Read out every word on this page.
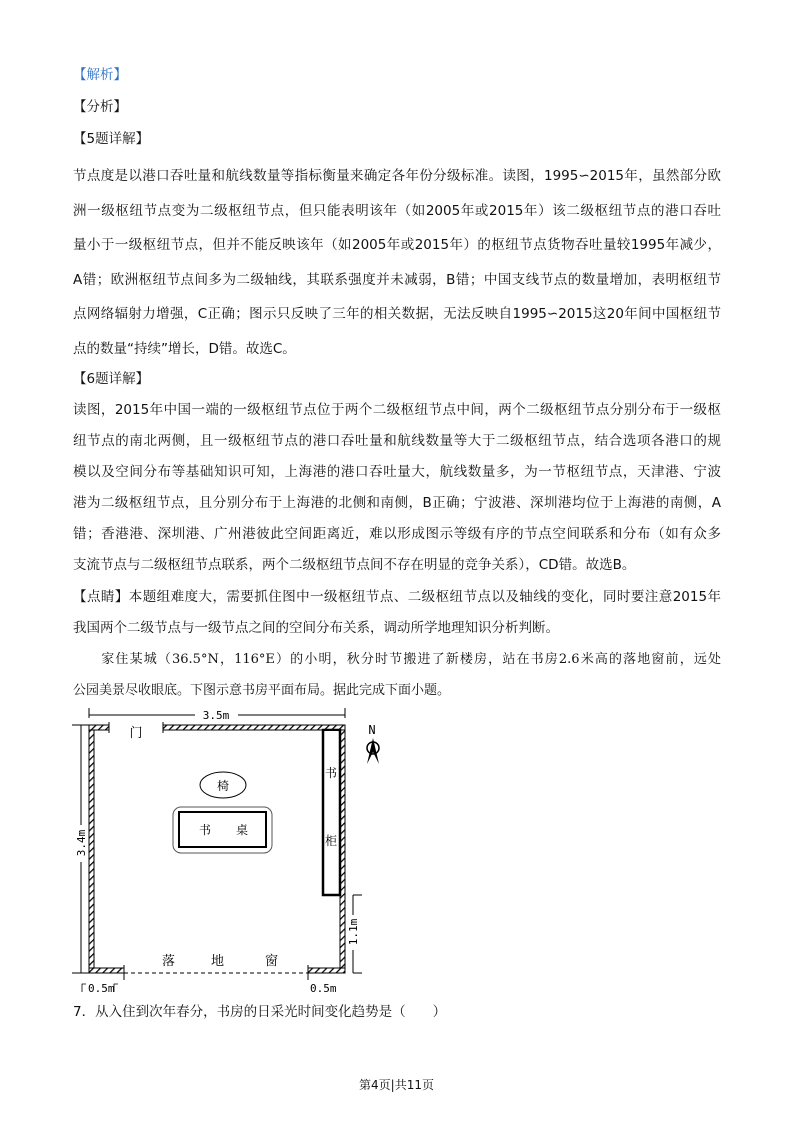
【解析】
【分析】
【5题详解】
节点度是以港口吞吐量和航线数量等指标衡量来确定各年份分级标准。读图，1995∽2015年，虽然部分欧
洲一级枢纽节点变为二级枢纽节点，但只能表明该年（如2005年或2015年）该二级枢纽节点的港口吞吐
量小于一级枢纽节点，但并不能反映该年（如2005年或2015年）的枢纽节点货物吞吐量较1995年减少，
A错；欧洲枢纽节点间多为二级轴线，其联系强度并未减弱，B错；中国支线节点的数量增加，表明枢纽节
点网络辐射力增强，C正确；图示只反映了三年的相关数据，无法反映自1995∽2015这20年间中国枢纽节
点的数量“持续”增长，D错。故选C。
【6题详解】
读图，2015年中国一端的一级枢纽节点位于两个二级枢纽节点中间，两个二级枢纽节点分别分布于一级枢
纽节点的南北两侧，且一级枢纽节点的港口吞吐量和航线数量等大于二级枢纽节点，结合选项各港口的规
模以及空间分布等基础知识可知，上海港的港口吞吐量大，航线数量多，为一节枢纽节点，天津港、宁波
港为二级枢纽节点，且分别分布于上海港的北侧和南侧，B正确；宁波港、深圳港均位于上海港的南侧，A
错；香港港、深圳港、广州港彼此空间距离近，难以形成图示等级有序的节点空间联系和分布（如有众多
支流节点与二级枢纽节点联系，两个二级枢纽节点间不存在明显的竞争关系），CD错。故选B。
【点睛】本题组难度大，需要抓住图中一级枢纽节点、二级枢纽节点以及轴线的变化，同时要注意2015年
我国两个二级节点与一级节点之间的空间分布关系，调动所学地理知识分析判断。
　　家住某城（36.5°N，116°E）的小明，秋分时节搬进了新楼房，站在书房2.6米高的落地窗前，远处
公园美景尽收眼底。下图示意书房平面布局。据此完成下面小题。
3.5m
3.4m
门
落	地	窗
书
柜
椅
书 桌
1.1m
0.5m	0.5m
N
7．从入住到次年春分，书房的日采光时间变化趋势是（　　）
第4页|共11页
